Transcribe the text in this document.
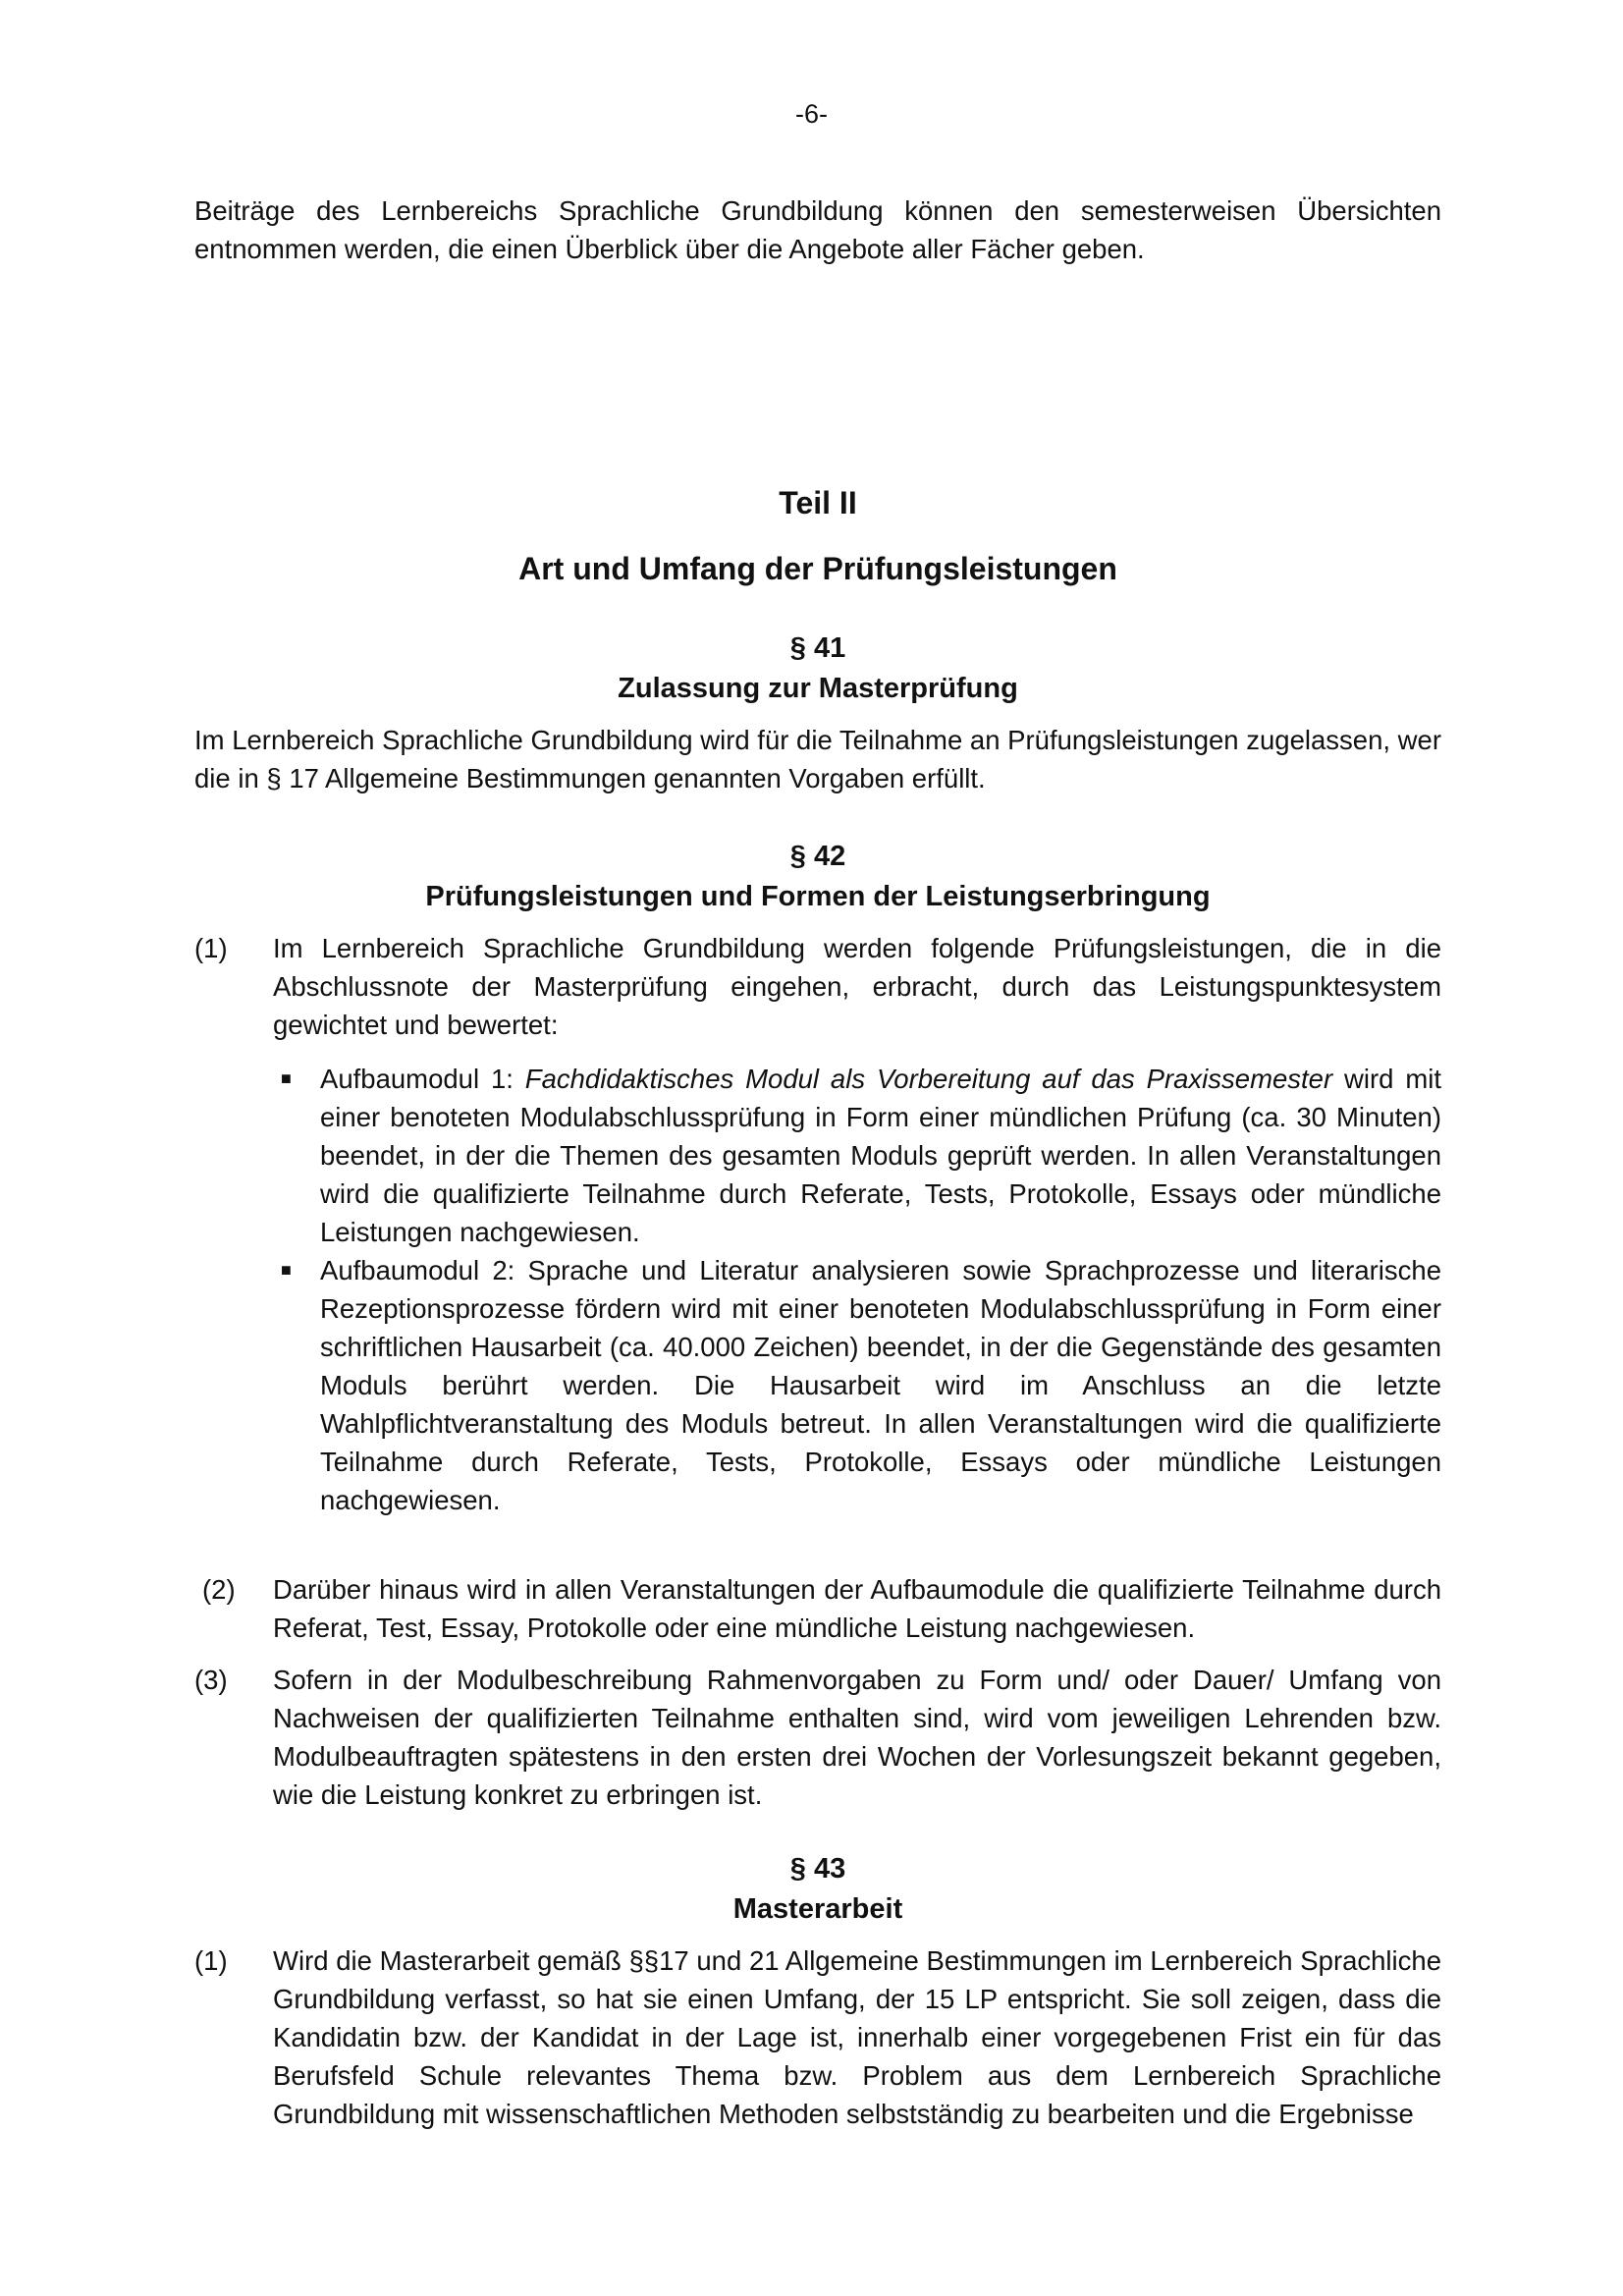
-6-

Beiträge des Lernbereichs Sprachliche Grundbildung können den semesterweisen Übersichten entnommen werden, die einen Überblick über die Angebote aller Fächer geben.

Teil II
Art und Umfang der Prüfungsleistungen
§ 41
Zulassung zur Masterprüfung

Im Lernbereich Sprachliche Grundbildung wird für die Teilnahme an Prüfungsleistungen zugelassen, wer die in § 17 Allgemeine Bestimmungen genannten Vorgaben erfüllt.

§ 42
Prüfungsleistungen und Formen der Leistungserbringung
(1)	Im Lernbereich Sprachliche Grundbildung werden folgende Prüfungsleistungen, die in die Abschlussnote der Masterprüfung eingehen, erbracht, durch das Leistungspunktesystem gewichtet und bewertet:
■	Aufbaumodul 1: Fachdidaktisches Modul als Vorbereitung auf das Praxissemester wird mit einer benoteten Modulabschlussprüfung in Form einer mündlichen Prüfung (ca. 30 Minuten) beendet, in der die Themen des gesamten Moduls geprüft werden. In allen Veranstaltungen wird die qualifizierte Teilnahme durch Referate, Tests, Protokolle, Essays oder mündliche Leistungen nachgewiesen.
■	Aufbaumodul 2: Sprache und Literatur analysieren sowie Sprachprozesse und literarische Rezeptionsprozesse fördern wird mit einer benoteten Modulabschlussprüfung in Form einer schriftlichen Hausarbeit (ca. 40.000 Zeichen) beendet, in der die Gegenstände des gesamten Moduls berührt werden. Die Hausarbeit wird im Anschluss an die letzte Wahlpflichtveranstaltung des Moduls betreut. In allen Veranstaltungen wird die qualifizierte Teilnahme durch Referate, Tests, Protokolle, Essays oder mündliche Leistungen nachgewiesen.
(2)	Darüber hinaus wird in allen Veranstaltungen der Aufbaumodule die qualifizierte Teilnahme durch Referat, Test, Essay, Protokolle oder eine mündliche Leistung nachgewiesen.
(3)	Sofern in der Modulbeschreibung Rahmenvorgaben zu Form und/ oder Dauer/ Umfang von Nachweisen der qualifizierten Teilnahme enthalten sind, wird vom jeweiligen Lehrenden bzw. Modulbeauftragten spätestens in den ersten drei Wochen der Vorlesungszeit bekannt gegeben, wie die Leistung konkret zu erbringen ist.
§ 43
Masterarbeit
(1)	Wird die Masterarbeit gemäß §§17 und 21 Allgemeine Bestimmungen im Lernbereich Sprachliche Grundbildung verfasst, so hat sie einen Umfang, der 15 LP entspricht. Sie soll zeigen, dass die Kandidatin bzw. der Kandidat in der Lage ist, innerhalb einer vorgegebenen Frist ein für das Berufsfeld Schule relevantes Thema bzw. Problem aus dem Lernbereich Sprachliche Grundbildung mit wissenschaftlichen Methoden selbstständig zu bearbeiten und die Ergebnisse
